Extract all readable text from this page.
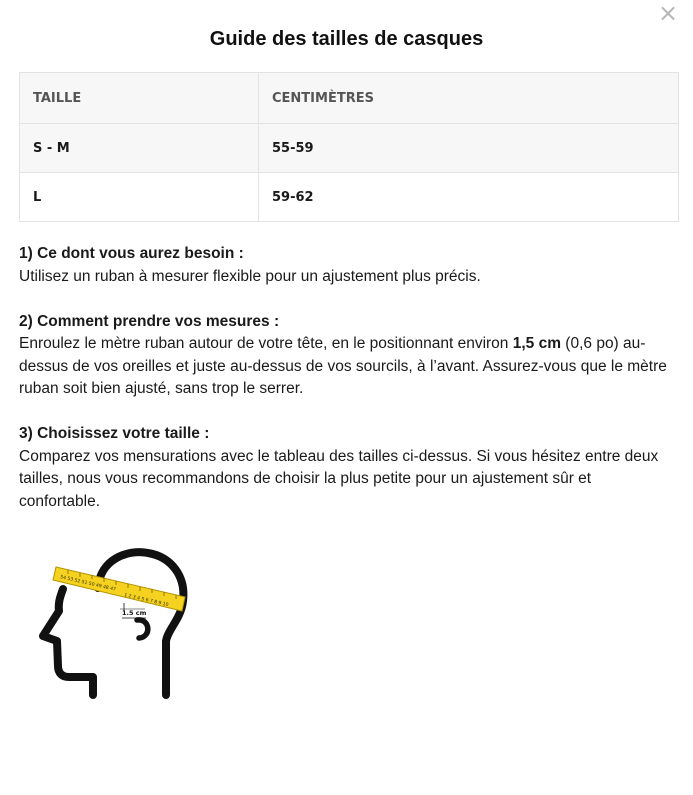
×
Guide des tailles de casques
TAILLE	CENTIMÈTRES
S - M	55-59
L	59-62
1) Ce dont vous aurez besoin :
Utilisez un ruban à mesurer flexible pour un ajustement plus précis.
2) Comment prendre vos mesures :
Enroulez le mètre ruban autour de votre tête, en le positionnant environ 1,5 cm (0,6 po) au-dessus de vos oreilles et juste au-dessus de vos sourcils, à l’avant. Assurez-vous que le mètre ruban soit bien ajusté, sans trop le serrer.
3) Choisissez votre taille :
Comparez vos mensurations avec le tableau des tailles ci-dessus. Si vous hésitez entre deux tailles, nous vous recommandons de choisir la plus petite pour un ajustement sûr et confortable.
54 53 52 51 50 49 48 47
1 2 3 4 5 6 7 8 9 10
1.5 cm
